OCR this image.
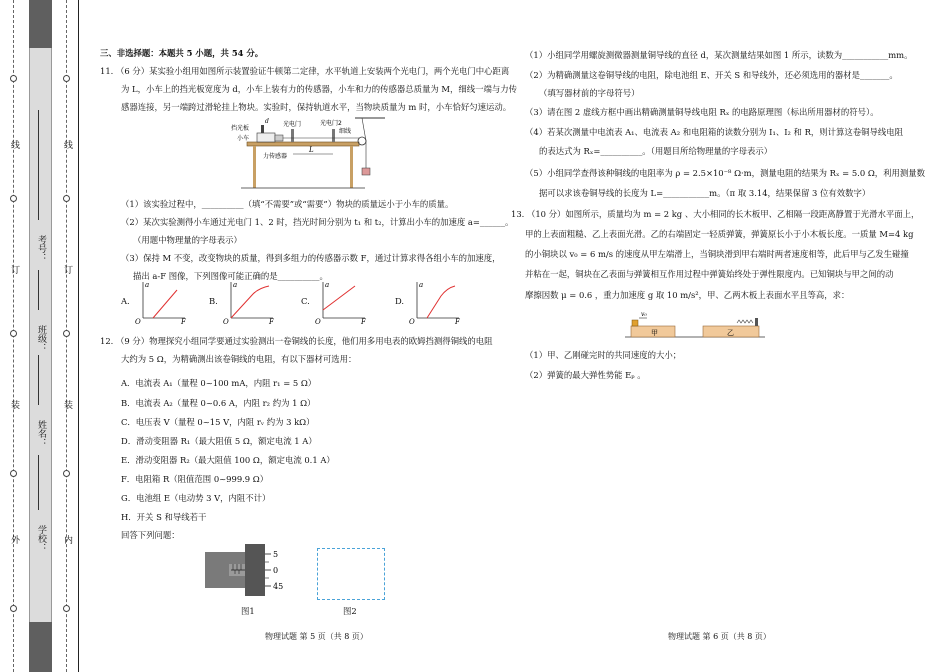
线
订
装
外
线
订
装
内
考号：
班级：
姓名：
学校：
三、非选择题：本题共 5 小题，共 54 分。
11. （6 分）某实验小组用如图所示装置验证牛顿第二定律，水平轨道上安装两个光电门，两个光电门中心距离
为 L，小车上的挡光板宽度为 d，小车上装有力的传感器，小车和力的传感器总质量为 M，细线一端与力传
感器连接，另一端跨过滑轮挂上物块。实验时，保持轨道水平，当物块质量为 m 时，小车恰好匀速运动。
L
d
挡光板
小车
光电门	光电门2
细线
力传感器
（1）该实验过程中，__________（填“不需要”或“需要”）物块的质量远小于小车的质量。
（2）某次实验测得小车通过光电门 1、2 时，挡光时间分别为 t₁ 和 t₂，计算出小车的加速度 a=______。
（用题中物理量的字母表示）
（3）保持 M 不变，改变物块的质量，得到多组力的传感器示数 F，通过计算求得各组小车的加速度，
描出 a-F 图像，下列图像可能正确的是__________。
A.
O
a
F
B.
O
a
F
C.
O
a
F
D.
O
a
F
12. （9 分）物理探究小组同学要通过实验测出一卷铜线的长度，他们用多用电表的欧姆挡测得铜线的电阻
大约为 5 Ω，为精确测出该卷铜线的电阻，有以下器材可选用：
A．电流表 A₁（量程 0~100 mA，内阻 r₁ = 5 Ω）
B．电流表 A₂（量程 0~0.6 A，内阻 r₂ 约为 1 Ω）
C．电压表 V（量程 0~15 V，内阻 rᵥ 约为 3 kΩ）
D．滑动变阻器 R₁（最大阻值 5 Ω，额定电流 1 A）
E．滑动变阻器 R₂（最大阻值 100 Ω，额定电流 0.1 A）
F．电阻箱 R（阻值范围 0~999.9 Ω）
G．电池组 E（电动势 3 V，内阻不计）
H．开关 S 和导线若干
回答下列问题：
5
0
45
图1	图2
物理试题 第 5 页（共 8 页）
（1）小组同学用螺旋测微器测量铜导线的直径 d，某次测量结果如图 1 所示，读数为___________mm。
（2）为精确测量这卷铜导线的电阻，除电池组 E、开关 S 和导线外，还必须选用的器材是_______。
（填写器材前的字母符号）
（3）请在图 2 虚线方框中画出精确测量铜导线电阻 Rₓ 的电路原理图（标出所用器材的符号）。
（4）若某次测量中电流表 A₁、电流表 A₂ 和电阻箱的读数分别为 I₁、I₂ 和 R，则计算这卷铜导线电阻
的表达式为 Rₓ=__________。（用题目所给物理量的字母表示）
（5）小组同学查得该种铜线的电阻率为 ρ = 2.5×10⁻⁸ Ω·m，测量电阻的结果为 Rₓ = 5.0 Ω，利用测量数
据可以求该卷铜导线的长度为 L=___________m。（π 取 3.14，结果保留 3 位有效数字）
13. （10 分）如图所示，质量均为 m = 2 kg 、大小相同的长木板甲、乙相隔一段距离静置于光滑水平面上，
甲的上表面粗糙、乙上表面光滑。乙的右端固定一轻质弹簧，弹簧原长小于小木板长度。一质量 M=4 kg
的小铜块以 v₀ = 6 m/s 的速度从甲左端滑上，当铜块滑到甲右端时两者速度相等，此后甲与乙发生碰撞
并粘在一起，铜块在乙表面与弹簧相互作用过程中弹簧始终处于弹性限度内。已知铜块与甲之间的动
摩擦因数 μ = 0.6 ，重力加速度 g 取 10 m/s²，甲、乙两木板上表面水平且等高，求：
v₀
甲	乙
（1）甲、乙刚碰完时的共同速度的大小；
（2）弹簧的最大弹性势能 Eₚ 。
物理试题 第 6 页（共 8 页）
